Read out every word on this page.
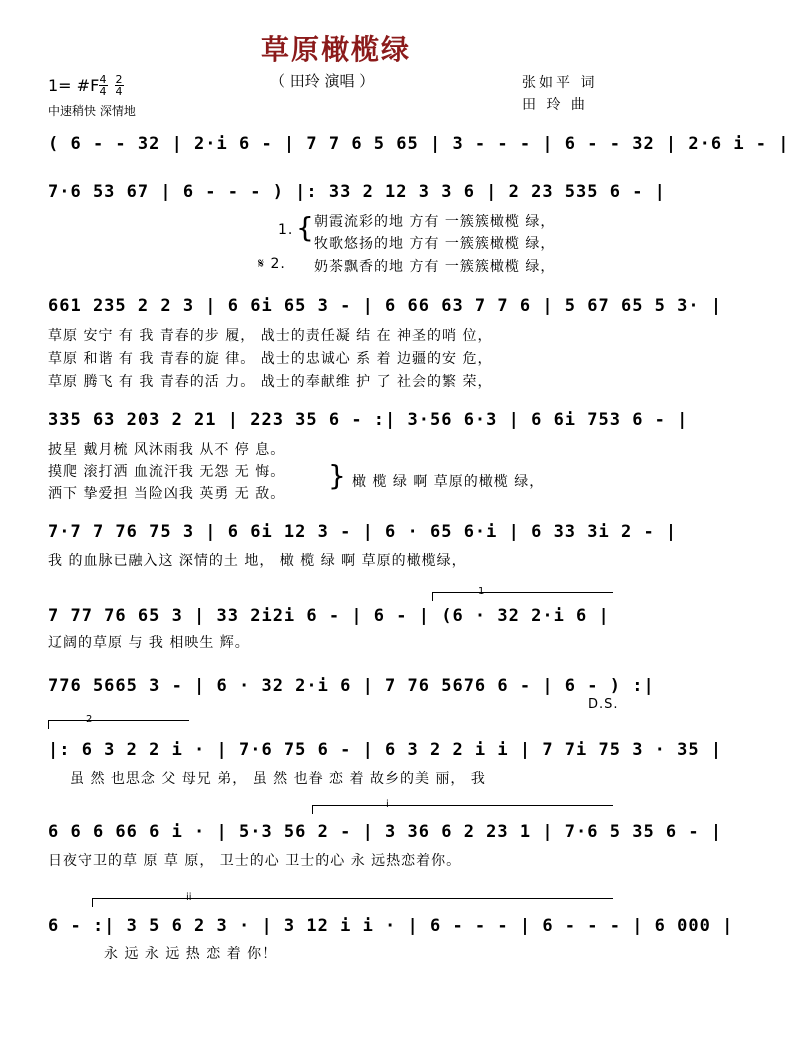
草原橄榄绿
（ 田玲 演唱 ）	张如平 词
田 玲 曲
1= #F 4
4
2
4
中速稍快 深情地
( 6 - - 32 | 2·i 6 - | 7 7 6 5 65 | 3 - - - | 6 - - 32 | 2·6 i - |
7·6 53 67 | 6 - - - ) |: 33 2 12 3 3 6 | 2 23 535 6 - |
1. { 朝霞流彩的地 方有 一簇簇橄榄 绿，
牧歌悠扬的地 方有 一簇簇橄榄 绿，
𝄋 2. 奶茶飘香的地 方有 一簇簇橄榄 绿，
661 235 2 2 3 | 6 6i 65 3 - | 6 66 63 7 7 6 | 5 67 65 5 3· |
草原 安宁 有 我 青春的步 履， 战士的责任凝 结 在 神圣的哨 位，
草原 和谐 有 我 青春的旋 律。 战士的忠诚心 系 着 边疆的安 危，
草原 腾飞 有 我 青春的活 力。 战士的奉献维 护 了 社会的繁 荣，
335 63 203 2 21 | 223 35 6 - :| 3·56 6·3 | 6 6i 753 6 - |
披星 戴月梳 风沐雨我 从不 停 息。
摸爬 滚打洒 血流汗我 无怨 无 悔。
洒下 挚爱担 当险凶我 英勇 无 敌。
} 橄 榄 绿 啊 草原的橄榄 绿，
7·7 7 76 75 3 | 6 6i 12 3 - | 6 · 65 6·i | 6 33 3i 2 - |
我 的血脉已融入这 深情的土 地， 橄 榄 绿 啊 草原的橄榄绿，
1
7 77 76 65 3 | 33 2i2i 6 - | 6 - | (6 · 32 2·i 6 |
辽阔的草原 与 我 相映生 辉。
776 5665 3 - | 6 · 32 2·i 6 | 7 76 5676 6 - | 6 - ) :|
D.S.
2
|: 6 3 2 2 i · | 7·6 75 6 - | 6 3 2 2 i i | 7 7i 75 3 · 35 |
虽 然 也思念 父 母兄 弟， 虽 然 也眷 恋 着 故乡的美 丽， 我
i
6 6 6 66 6 i · | 5·3 56 2 - | 3 36 6 2 23 1 | 7·6 5 35 6 - |
日夜守卫的草 原 草 原， 卫士的心 卫士的心 永 远热恋着你。
ii
6 - :| 3 5 6 2 3 · | 3 12 i i · | 6 - - - | 6 - - - | 6 000 |
永 远 永 远 热 恋 着 你！
